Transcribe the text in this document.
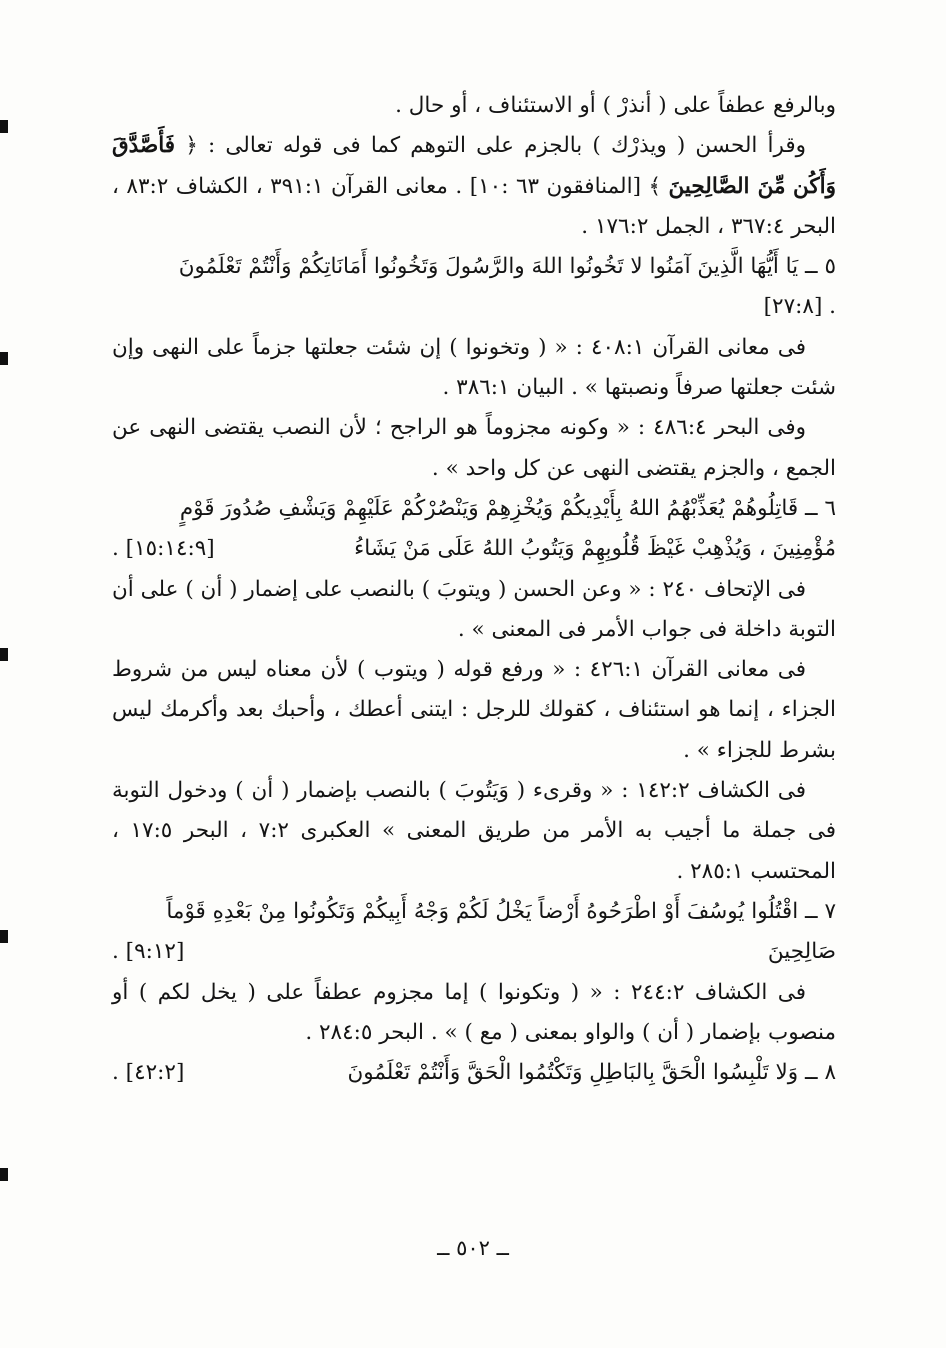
وبالرفع عطفاً على ( أنذرْ ) أو الاستئناف ، أو حال .

وقرأ الحسن ( ويذرْك ) بالجزم على التوهم كما فى قوله تعالى : ﴿ فَأَصَّدَّقَ وَأَكُن مِّنَ الصَّالِحِينَ ﴾ [المنافقون ٦٣ :١٠] . معانى القرآن ٣٩١:١ ، الكشاف ٨٣:٢ ، البحر ٣٦٧:٤ ، الجمل ١٧٦:٢ .

٥ ــ يَا أَيُّهَا الَّذِينَ آمَنُوا لا تَخُونُوا اللهَ والرَّسُولَ وَتَخُونُوا أَمَانَاتِكُمْ وَأَنْتُمْ تَعْلَمُونَ

. [٢٧:٨]

فى معانى القرآن ٤٠٨:١ : « ( وتخونوا ) إن شئت جعلتها جزماً على النهى وإن شئت جعلتها صرفاً ونصبتها » . البيان ٣٨٦:١ .

وفى البحر ٤٨٦:٤ : « وكونه مجزوماً هو الراجح ؛ لأن النصب يقتضى النهى عن الجمع ، والجزم يقتضى النهى عن كل واحد » .

٦ ــ قَاتِلُوهُمْ يُعَذِّبْهُمُ اللهُ بِأَيْدِيكُمْ وَيُخْزِهِمْ وَيَنْصُرْكُمْ عَلَيْهِمْ وَيَشْفِ صُدُورَ قَوْمٍ

مُؤْمِنِينَ ، وَيُذْهِبْ غَيْظَ قُلُوبِهِمْ وَيَتُوبُ اللهُ عَلَى مَنْ يَشَاءُ
[١٥:١٤:٩] .

فى الإتحاف ٢٤٠ : « وعن الحسن ( ويتوبَ ) بالنصب على إضمار ( أن ) على أن التوبة داخلة فى جواب الأمر فى المعنى » .

فى معانى القرآن ٤٢٦:١ : « ورفع قوله ( ويتوب ) لأن معناه ليس من شروط الجزاء ، إنما هو استئناف ، كقولك للرجل : ايتنى أعطك ، وأحبك بعد وأكرمك ليس بشرط للجزاء » .

فى الكشاف ١٤٢:٢ : « وقرىء ( وَيَتُوبَ ) بالنصب بإضمار ( أن ) ودخول التوبة فى جملة ما أجيب به الأمر من طريق المعنى » العكبرى ٧:٢ ، البحر ١٧:٥ ، المحتسب ٢٨٥:١ .

٧ ــ اقْتُلُوا يُوسُفَ أَوْ اطْرَحُوهُ أَرْضاً يَخْلُ لَكُمْ وَجْهُ أَبِيكُمْ وَتَكُونُوا مِنْ بَعْدِهِ قَوْماً

صَالِحِينَ
[٩:١٢] .

فى الكشاف ٢٤٤:٢ : « ( وتكونوا ) إما مجزوم عطفاً على ( يخل لكم ) أو منصوب بإضمار ( أن ) والواو بمعنى ( مع ) » . البحر ٢٨٤:٥ .

٨ ــ وَلا تَلْبِسُوا الْحَقَّ بِالبَاطِلِ وَتَكْتُمُوا الْحَقَّ وَأَنْتُمْ تَعْلَمُونَ
[٤٢:٢] .

ــ ٥٠٢ ــ
